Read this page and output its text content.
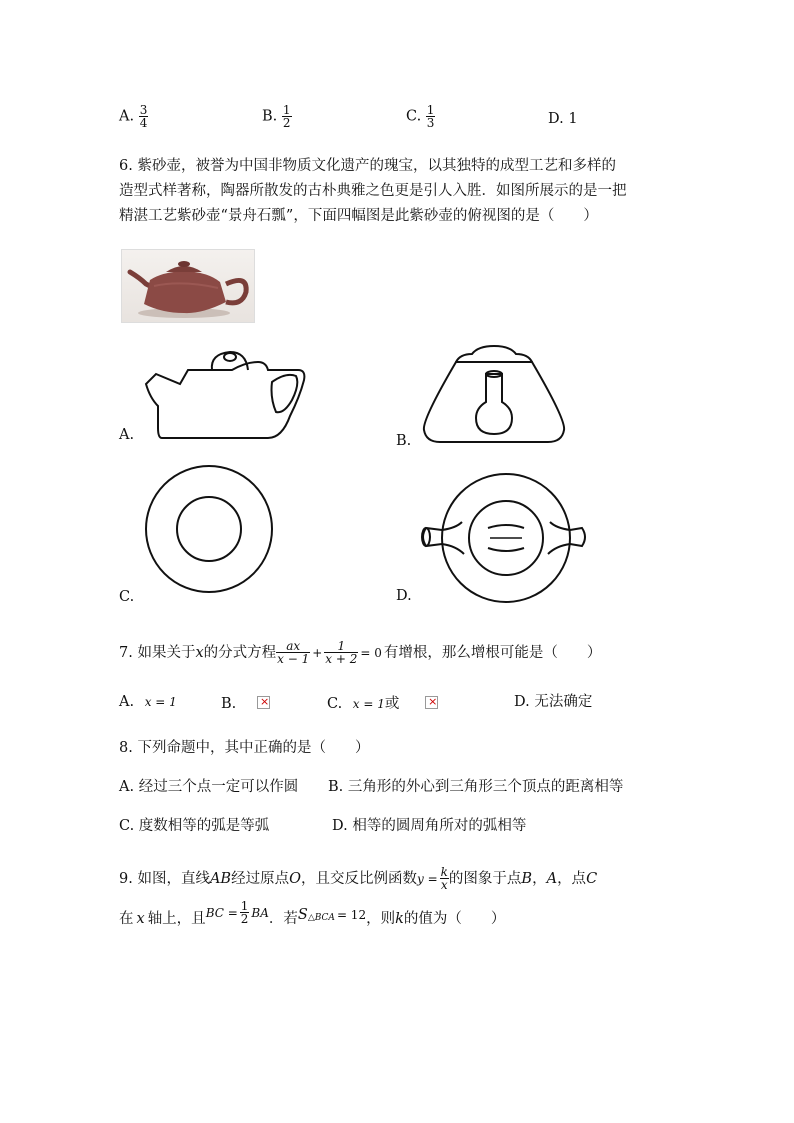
A. $\frac{3}{4}$	B. $\frac{1}{2}$	C. $\frac{1}{3}$	D. 1
6. 紫砂壶，被誉为中国非物质文化遗产的瑰宝，以其独特的成型工艺和多样的
造型式样著称，陶器所散发的古朴典雅之色更是引人入胜．如图所展示的是一把
精湛工艺紫砂壶“景舟石瓢”，下面四幅图是此紫砂壶的俯视图的是（　　）
A.	B.
C.	D.
7. 如果关于 x 的分式方程 $\frac{ax}{x - 1} + \frac{1}{x + 2} = 0$ 有增根，那么增根可能是（　　）
A. x = 1	B. ×	C. x = 1或 ×	D. 无法确定
8. 下列命题中，其中正确的是（　　）
A. 经过三个点一定可以作圆 B. 三角形的外心到三角形三个顶点的距离相等
C. 度数相等的弧是等弧	D. 相等的圆周角所对的弧相等
9. 如图，直线 AB 经过原点 O ，且交反比例函数 $y = \frac{k}{x}$ 的图象于点 B ， A ，点 C
在 x 轴上，且 BC = $\frac{1}{2}$ BA ．若 S △BCA = 12 ，则 k 的值为（　　）
